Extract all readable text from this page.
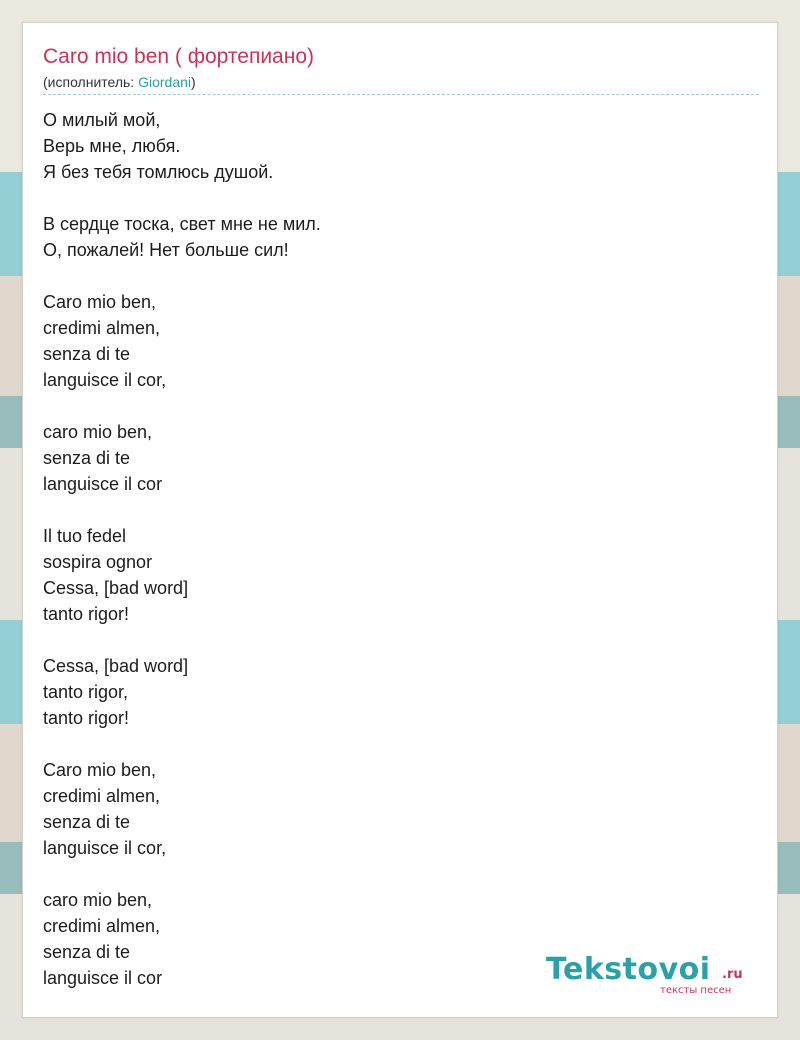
Caro mio ben ( фортепиано)
(исполнитель: Giordani)
О милый мой,
Верь мне, любя.
Я без тебя томлюсь душой.
В сердце тоска, свет мне не мил.
О, пожалей! Нет больше сил!
Caro mio ben,
credimi almen,
senza di te
languisce il cor,
caro mio ben,
senza di te
languisce il cor
Il tuo fedel
sospira ognor
Cessa, [bad word]
tanto rigor!
Cessa, [bad word]
tanto rigor,
tanto rigor!
Caro mio ben,
credimi almen,
senza di te
languisce il cor,
caro mio ben,
credimi almen,
senza di te
languisce il cor	Tekstovoi .ru
тексты песен
